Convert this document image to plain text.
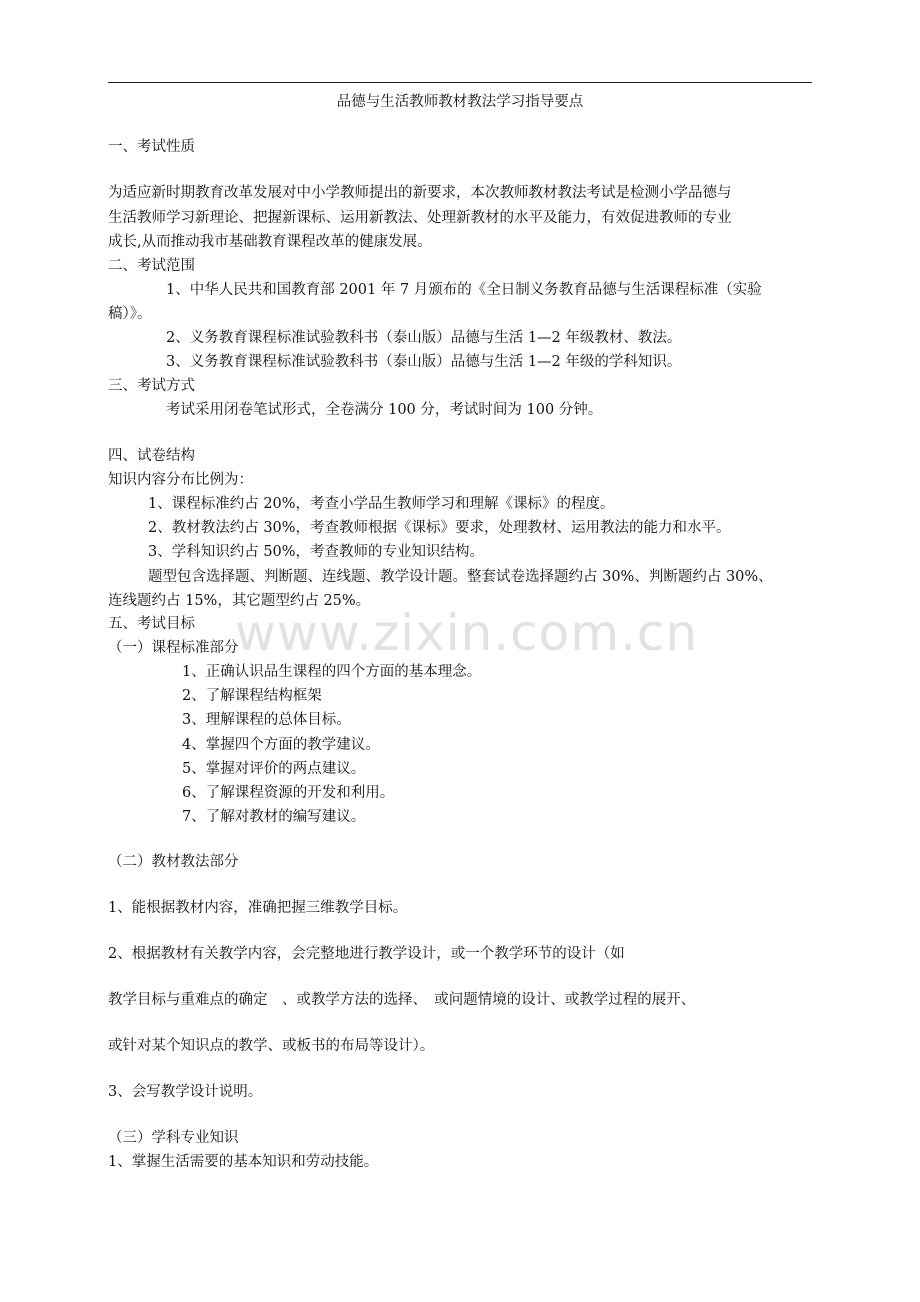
品德与生活教师教材教法学习指导要点
一、考试性质
为适应新时期教育改革发展对中小学教师提出的新要求，本次教师教材教法考试是检测小学品德与
生活教师学习新理论、把握新课标、运用新教法、处理新教材的水平及能力，有效促进教师的专业
成长,从而推动我市基础教育课程改革的健康发展。
二、考试范围
1、中华人民共和国教育部 2001 年 7 月颁布的《全日制义务教育品德与生活课程标准（实验
稿）》。
2、义务教育课程标准试验教科书（泰山版）品德与生活 1—2 年级教材、教法。
3、义务教育课程标准试验教科书（泰山版）品德与生活 1—2 年级的学科知识。
三、考试方式
考试采用闭卷笔试形式，全卷满分 100 分，考试时间为 100 分钟。
四、试卷结构
知识内容分布比例为：
1、课程标准约占 20%，考查小学品生教师学习和理解《课标》的程度。
2、教材教法约占 30%，考查教师根据《课标》要求，处理教材、运用教法的能力和水平。
3、学科知识约占 50%，考查教师的专业知识结构。
题型包含选择题、判断题、连线题、教学设计题。整套试卷选择题约占 30%、判断题约占 30%、
连线题约占 15%，其它题型约占 25%。
五、考试目标
（一）课程标准部分
1、正确认识品生课程的四个方面的基本理念。
2、了解课程结构框架
3、理解课程的总体目标。
4、掌握四个方面的教学建议。
5、掌握对评价的两点建议。
6、了解课程资源的开发和利用。
7、了解对教材的编写建议。
（二）教材教法部分
1、能根据教材内容，准确把握三维教学目标。
2、根据教材有关教学内容，会完整地进行教学设计，或一个教学环节的设计（如
教学目标与重难点的确定　、或教学方法的选择、　或问题情境的设计、或教学过程的展开、
或针对某个知识点的教学、或板书的布局等设计）。
3、会写教学设计说明。
（三）学科专业知识
1、掌握生活需要的基本知识和劳动技能。
www.zixin.com.cn
